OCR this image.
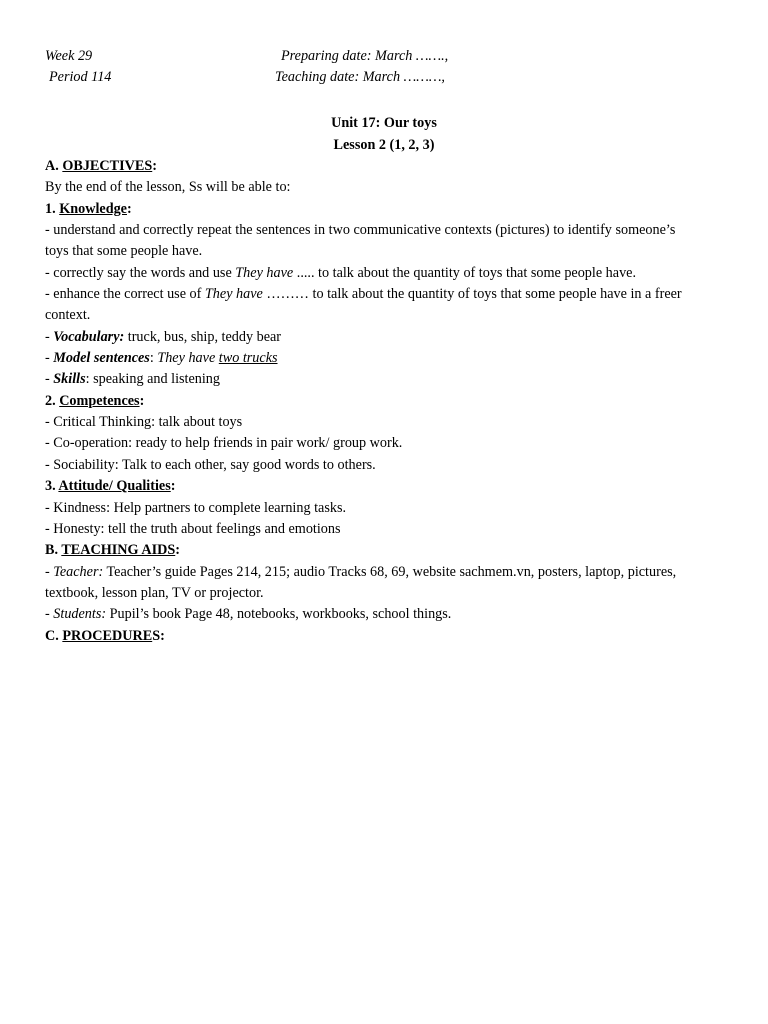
Week 29
Period 114
Preparing date: March …….,
Teaching date: March ………,
Unit 17: Our toys
Lesson 2 (1, 2, 3)
A. OBJECTIVES:
By the end of the lesson, Ss will be able to:
1. Knowledge:
- understand and correctly repeat the sentences in two communicative contexts (pictures) to identify someone’s
toys that some people have.
- correctly say the words and use They have ..... to talk about the quantity of toys that some people have.
- enhance the correct use of They have ……… to talk about the quantity of toys that some people have in a freer
context.
- Vocabulary: truck, bus, ship, teddy bear
- Model sentences: They have two trucks
- Skills: speaking and listening
2. Competences:
- Critical Thinking: talk about toys
- Co-operation: ready to help friends in pair work/ group work.
- Sociability: Talk to each other, say good words to others.
3. Attitude/ Qualities:
- Kindness: Help partners to complete learning tasks.
- Honesty: tell the truth about feelings and emotions
B. TEACHING AIDS:
- Teacher: Teacher’s guide Pages 214, 215; audio Tracks 68, 69, website sachmem.vn, posters, laptop, pictures,
textbook, lesson plan, TV or projector.
- Students: Pupil’s book Page 48, notebooks, workbooks, school things.
C. PROCEDURES:
